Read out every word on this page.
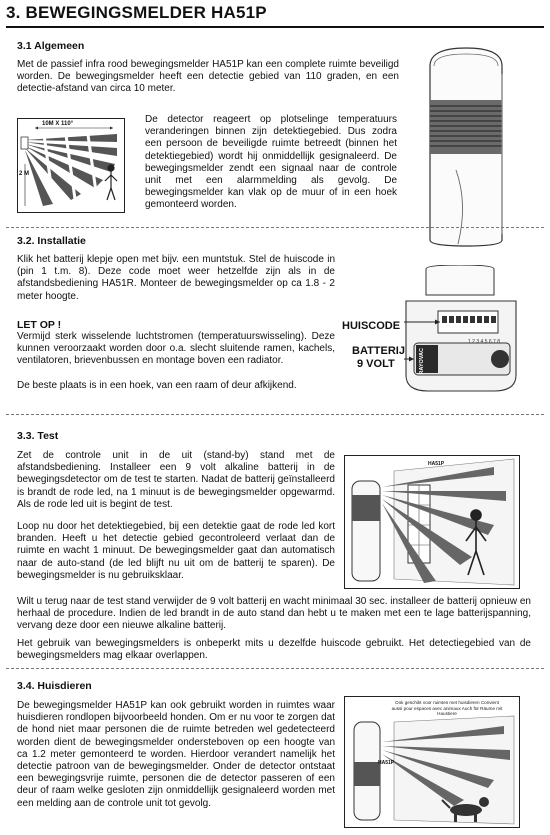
3. BEWEGINGSMELDER HA51P
3.1 Algemeen
Met de passief infra rood bewegingsmelder HA51P kan een complete ruimte beveiligd worden. De bewegingsmelder heeft een detectie gebied van 110 graden, en een detectie-afstand van circa 10 meter.
10M X 110°
2 M
De detector reageert op plotselinge temperatuurs veranderingen binnen zijn detektiegebied. Dus zodra een persoon de beveiligde ruimte betreedt (binnen het detektiegebied) wordt hij onmiddellijk gesignaleerd. De bewegingsmelder zendt een signaal naar de controle unit met een alarmmelding als gevolg. De bewegingsmelder kan vlak op de muur of in een hoek gemonteerd worden.
3.2. Installatie
Klik het batterij klepje open met bijv. een muntstuk. Stel de huiscode in (pin 1 t.m. 8). Deze code moet weer hetzelfde zijn als in de afstandsbediening HA51R. Monteer de bewegingsmelder op ca 1.8 - 2 meter hoogte.
LET OP !
Vermijd sterk wisselende luchtstromen (temperatuurswisseling). Deze kunnen veroorzaakt worden door o.a. slecht sluitende ramen, kachels, ventilatoren, brievenbussen en montage boven een radiator.
De beste plaats is in een hoek, van een raam of deur afkijkend.
HUISCODE
BATTERIJ
9 VOLT
1 2 3 4 5 6 7 8
RAYOVAC
3.3. Test
Zet de controle unit in de uit (stand-by) stand met de afstandsbediening. Installeer een 9 volt alkaline batterij in de bewegingsdetector om de test te starten. Nadat de batterij geïnstalleerd is brandt de rode led, na 1 minuut is de bewegingsmelder opgewarmd. Als de rode led uit is begint de test.
Loop nu door het detektiegebied, bij een detektie gaat de rode led kort branden. Heeft u het detectie gebied gecontroleerd verlaat dan de ruimte en wacht 1 minuut. De bewegingsmelder gaat dan automatisch naar de auto-stand (de led blijft nu uit om de batterij te sparen). De bewegingsmelder is nu gebruiksklaar.
HA51P
Wilt u terug naar de test stand verwijder de 9 volt batterij en wacht minimaal 30 sec. installeer de batterij opnieuw en herhaal de procedure. Indien de led brandt in de auto stand dan hebt u te maken met een te lage batterijspanning, vervang deze door een nieuwe alkaline batterij.
Het gebruik van bewegingsmelders is onbeperkt mits u dezelfde huiscode gebruikt. Het detectiegebied van de bewegingsmelders mag elkaar overlappen.
3.4. Huisdieren
De bewegingsmelder HA51P kan ook gebruikt worden in ruimtes waar huisdieren rondlopen bijvoorbeeld honden. Om er nu voor te zorgen dat de hond niet maar personen die de ruimte betreden wel gedetecteerd worden dient de bewegingsmelder ondersteboven op een hoogte van ca 1.2 meter gemonteerd te worden. Hierdoor verandert namelijk het detectie patroon van de bewegingsmelder. Onder de detector ontstaat een bewegingsvrije ruimte, personen die de detector passeren of een deur of raam welke gesloten zijn onmiddellijk gesignaleerd worden met een melding aan de controle unit tot gevolg.
Ook geschikt voor ruimtes met huisdieren Convient aussi pour espaces avec animaux Auch für Räume mit Haustiere
HA51P
